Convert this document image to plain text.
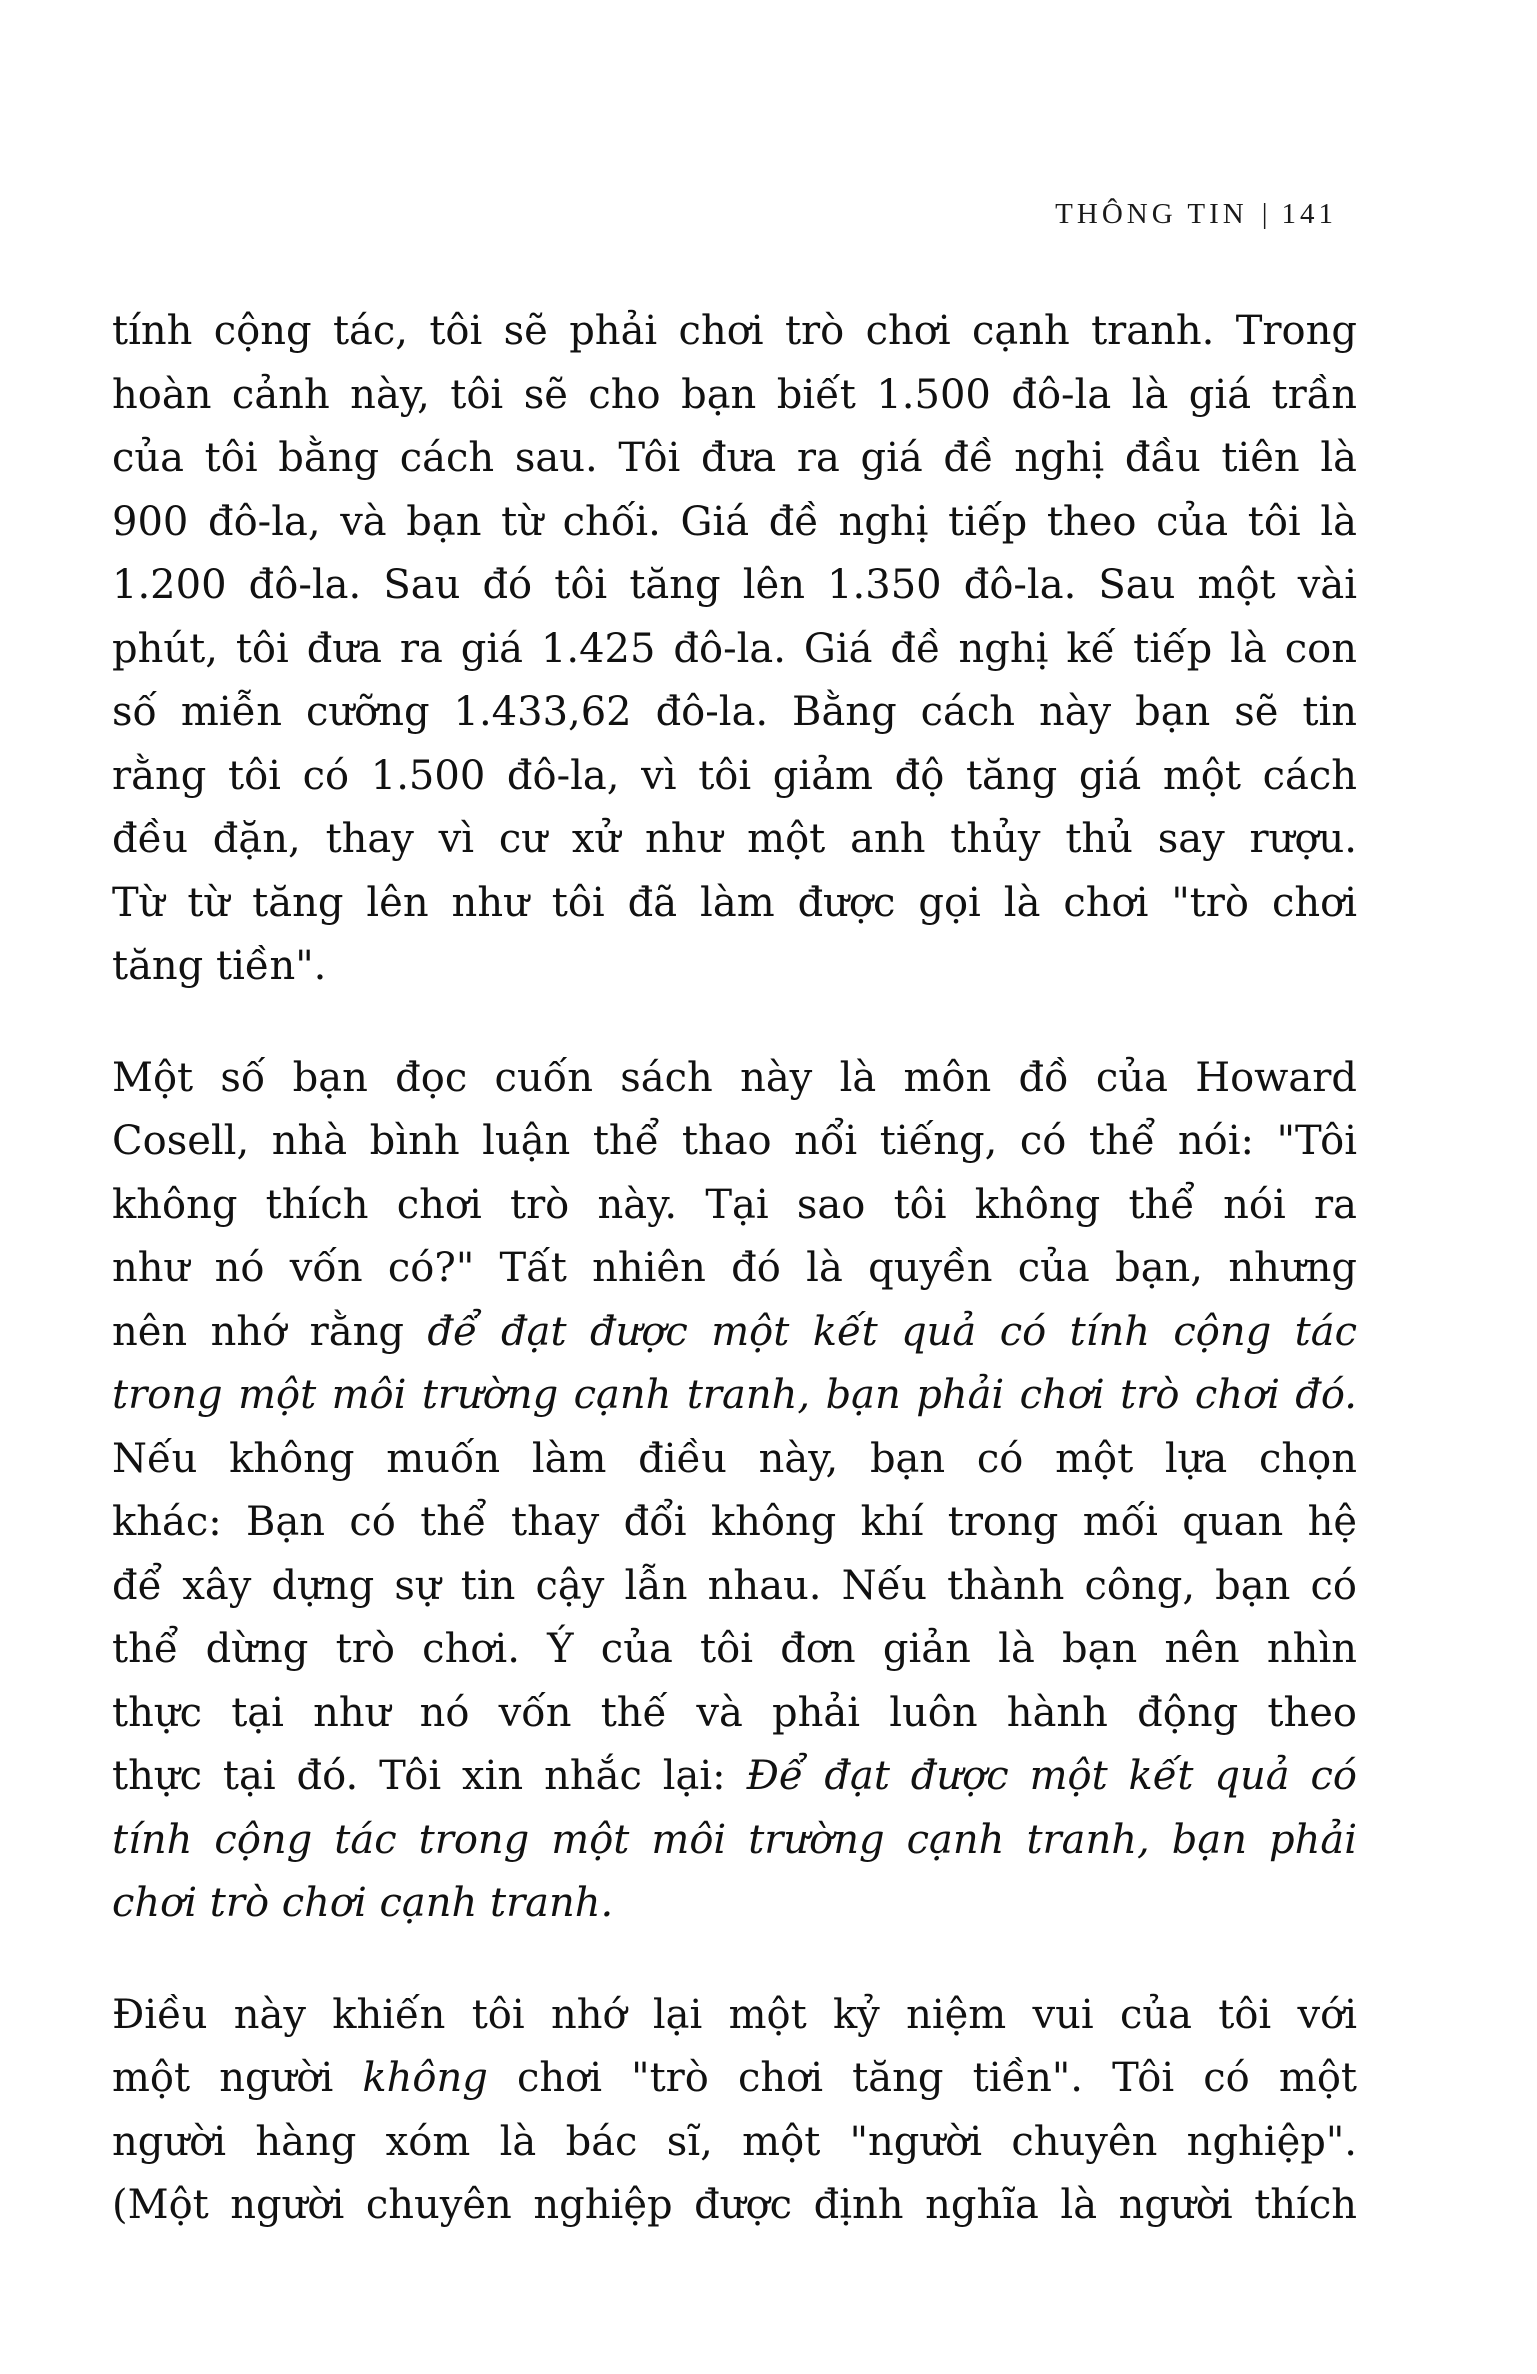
THÔNG TIN | 141
tính cộng tác, tôi sẽ phải chơi trò chơi cạnh tranh. Trong
hoàn cảnh này, tôi sẽ cho bạn biết 1.500 đô-la là giá trần
của tôi bằng cách sau. Tôi đưa ra giá đề nghị đầu tiên là
900 đô-la, và bạn từ chối. Giá đề nghị tiếp theo của tôi là
1.200 đô-la. Sau đó tôi tăng lên 1.350 đô-la. Sau một vài
phút, tôi đưa ra giá 1.425 đô-la. Giá đề nghị kế tiếp là con
số miễn cưỡng 1.433,62 đô-la. Bằng cách này bạn sẽ tin
rằng tôi có 1.500 đô-la, vì tôi giảm độ tăng giá một cách
đều đặn, thay vì cư xử như một anh thủy thủ say rượu.
Từ từ tăng lên như tôi đã làm được gọi là chơi "trò chơi
tăng tiền".
Một số bạn đọc cuốn sách này là môn đồ của Howard
Cosell, nhà bình luận thể thao nổi tiếng, có thể nói: "Tôi
không thích chơi trò này. Tại sao tôi không thể nói ra
như nó vốn có?" Tất nhiên đó là quyền của bạn, nhưng
nên nhớ rằng để đạt được một kết quả có tính cộng tác
trong một môi trường cạnh tranh, bạn phải chơi trò chơi đó.
Nếu không muốn làm điều này, bạn có một lựa chọn
khác: Bạn có thể thay đổi không khí trong mối quan hệ
để xây dựng sự tin cậy lẫn nhau. Nếu thành công, bạn có
thể dừng trò chơi. Ý của tôi đơn giản là bạn nên nhìn
thực tại như nó vốn thế và phải luôn hành động theo
thực tại đó. Tôi xin nhắc lại: Để đạt được một kết quả có
tính cộng tác trong một môi trường cạnh tranh, bạn phải
chơi trò chơi cạnh tranh.
Điều này khiến tôi nhớ lại một kỷ niệm vui của tôi với
một người không chơi "trò chơi tăng tiền". Tôi có một
người hàng xóm là bác sĩ, một "người chuyên nghiệp".
(Một người chuyên nghiệp được định nghĩa là người thích
